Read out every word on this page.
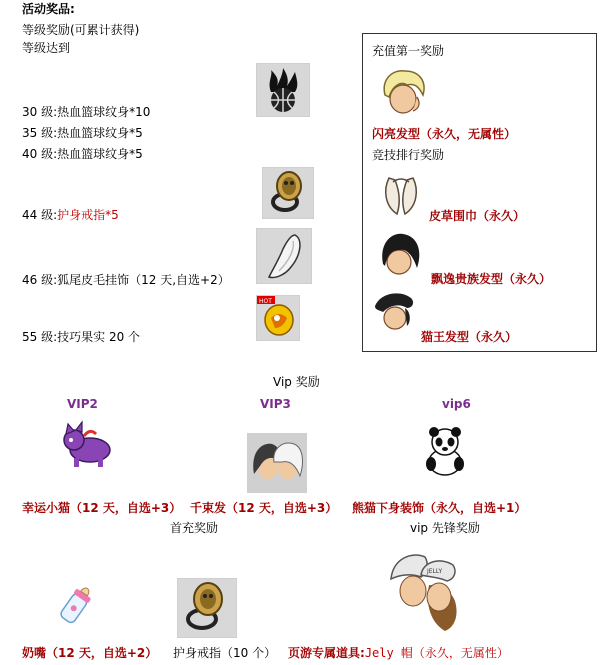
活动奖品:
等级奖励(可累计获得)
等级达到
30 级:热血篮球纹身*10
35 级:热血篮球纹身*5
40 级:热血篮球纹身*5
44 级:护身戒指*5
46 级:狐尾皮毛挂饰（12 天,自选+2）
55 级:技巧果实 20 个
HOT
充值第一奖励
闪亮发型（永久，无属性）
竞技排行奖励
皮草围巾（永久）
飘逸贵族发型（永久）
猫王发型（永久）
Vip 奖励
VIP2	VIP3	vip6
幸运小猫（12 天，自选+3） 千束发（12 天，自选+3） 熊猫下身装饰（永久，自选+1）
首充奖励	vip 先锋奖励
JELLY
奶嘴（12 天，自选+2） 护身戒指（10 个） 页游专属道具:Jely 帽（永久，无属性）
